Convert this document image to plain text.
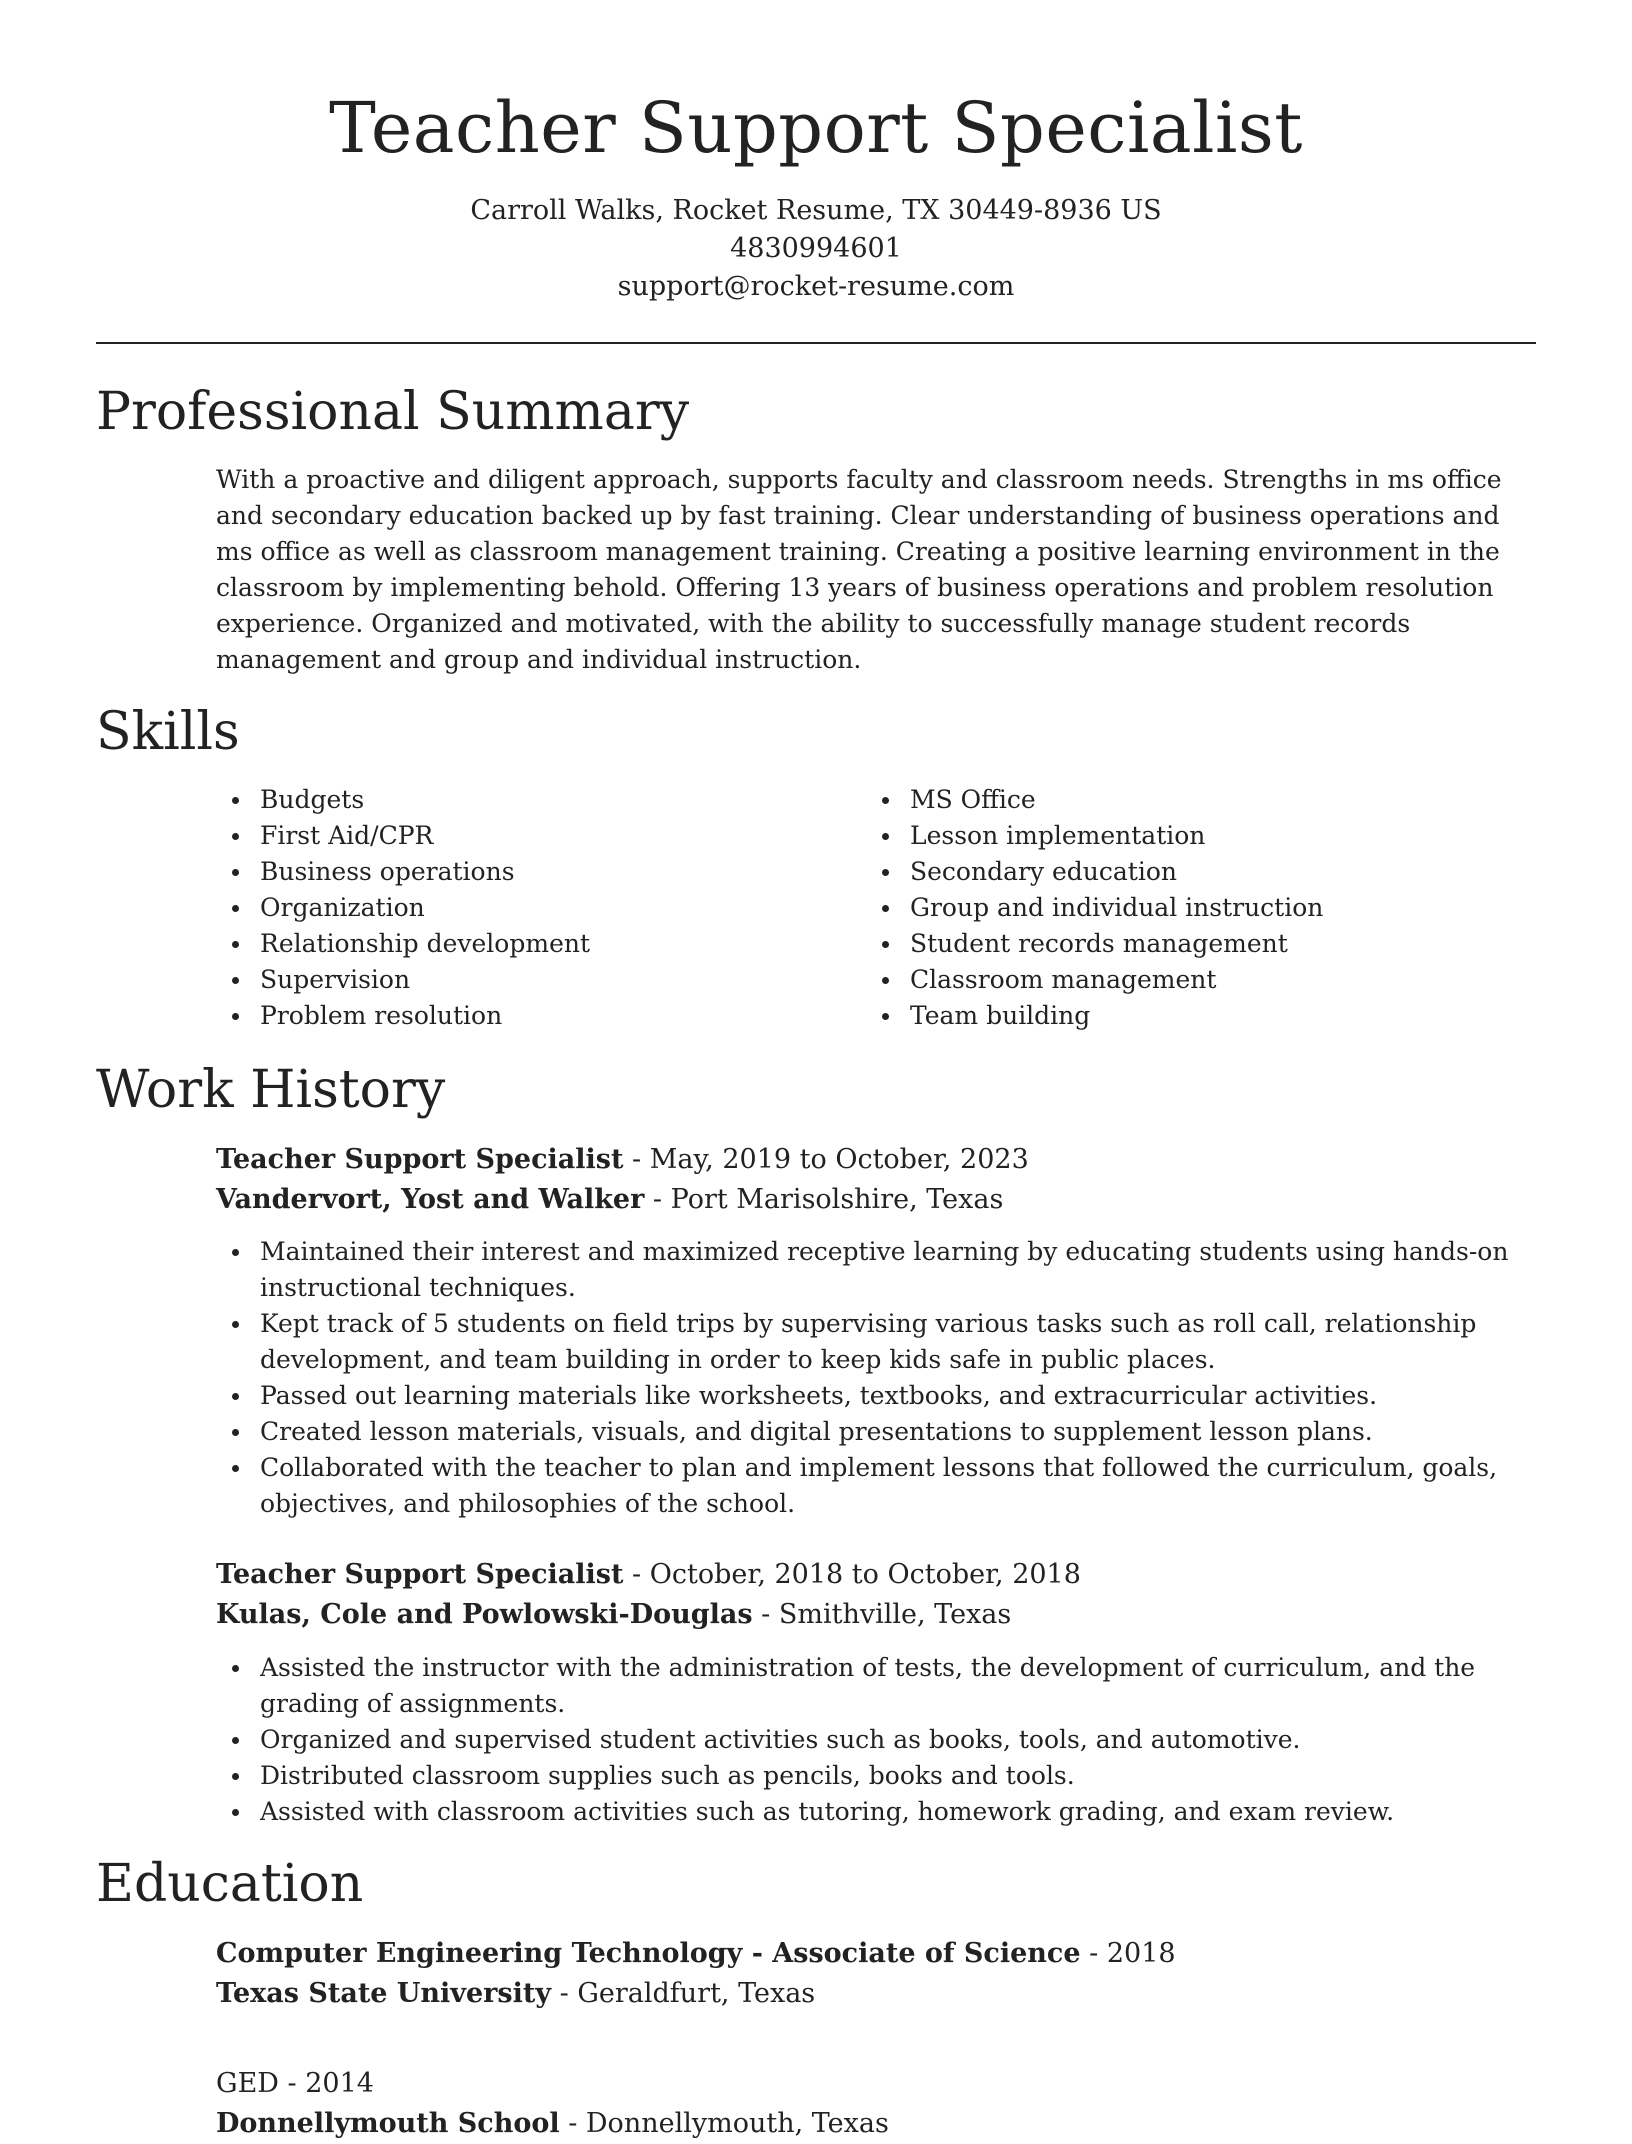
Teacher Support Specialist
Carroll Walks, Rocket Resume, TX 30449-8936 US
4830994601
support@rocket-resume.com
Professional Summary
With a proactive and diligent approach, supports faculty and classroom needs. Strengths in ms office and secondary education backed up by fast training. Clear understanding of business operations and ms office as well as classroom management training. Creating a positive learning environment in the classroom by implementing behold. Offering 13 years of business operations and problem resolution experience. Organized and motivated, with the ability to successfully manage student records management and group and individual instruction.
Skills
Budgets
First Aid/CPR
Business operations
Organization
Relationship development
Supervision
Problem resolution
MS Office
Lesson implementation
Secondary education
Group and individual instruction
Student records management
Classroom management
Team building
Work History
Teacher Support Specialist - May, 2019 to October, 2023
Vandervort, Yost and Walker - Port Marisolshire, Texas
Maintained their interest and maximized receptive learning by educating students using hands-on instructional techniques.
Kept track of 5 students on field trips by supervising various tasks such as roll call, relationship development, and team building in order to keep kids safe in public places.
Passed out learning materials like worksheets, textbooks, and extracurricular activities.
Created lesson materials, visuals, and digital presentations to supplement lesson plans.
Collaborated with the teacher to plan and implement lessons that followed the curriculum, goals, objectives, and philosophies of the school.
Teacher Support Specialist - October, 2018 to October, 2018
Kulas, Cole and Powlowski-Douglas - Smithville, Texas
Assisted the instructor with the administration of tests, the development of curriculum, and the grading of assignments.
Organized and supervised student activities such as books, tools, and automotive.
Distributed classroom supplies such as pencils, books and tools.
Assisted with classroom activities such as tutoring, homework grading, and exam review.
Education
Computer Engineering Technology - Associate of Science - 2018
Texas State University - Geraldfurt, Texas
GED - 2014
Donnellymouth School - Donnellymouth, Texas
